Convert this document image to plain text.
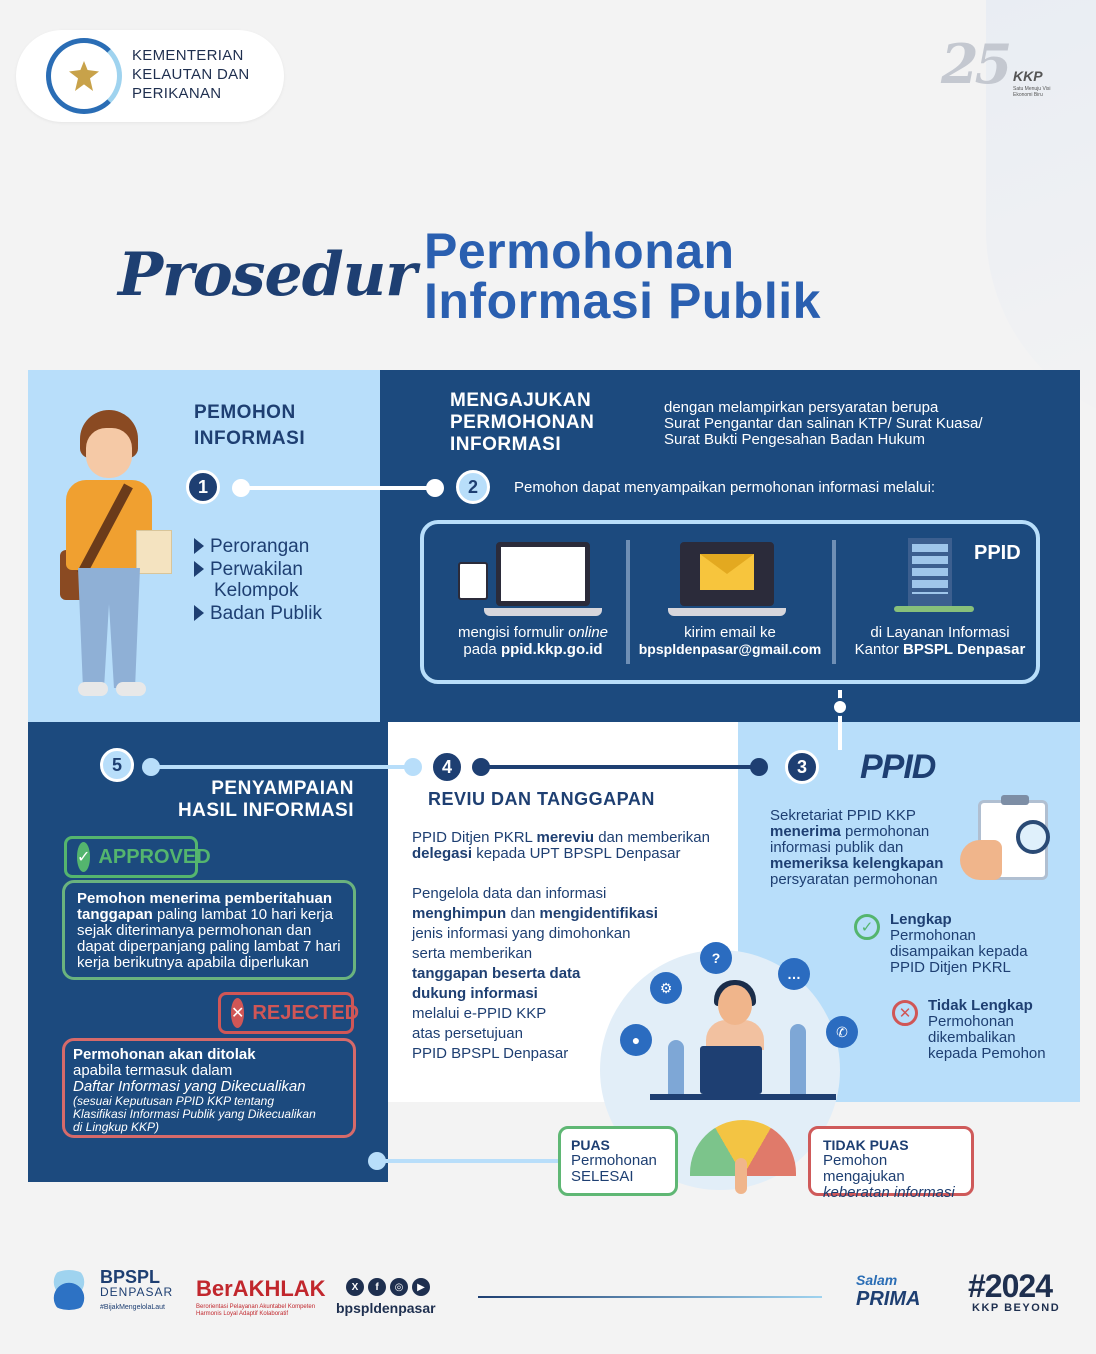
KEMENTERIAN
KELAUTAN DAN
PERIKANAN	25 KKP
Satu Menuju Visi Ekonomi Biru
Prosedur Permohonan
Informasi Publik
PEMOHON
INFORMASI
1
Perorangan
Perwakilan
Kelompok
Badan Publik
MENGAJUKAN
PERMOHONAN
INFORMASI
dengan melampirkan persyaratan berupa
Surat Pengantar dan salinan KTP/ Surat Kuasa/
Surat Bukti Pengesahan Badan Hukum
2	Pemohon dapat menyampaikan permohonan informasi melalui:
mengisi formulir online
pada ppid.kkp.go.id
kirim email ke
bpspldenpasar@gmail.com
PPID
di Layanan Informasi
Kantor BPSPL Denpasar
3	PPID
Sekretariat PPID KKP
menerima permohonan
informasi publik dan
memeriksa kelengkapan
persyaratan permohonan
✓	Lengkap
Permohonan
disampaikan kepada
PPID Ditjen PKRL
✕	Tidak Lengkap
Permohonan
dikembalikan
kepada Pemohon
4
REVIU DAN TANGGAPAN
PPID Ditjen PKRL mereviu dan memberikan
delegasi kepada UPT BPSPL Denpasar
Pengelola data dan informasi
menghimpun dan mengidentifikasi
jenis informasi yang dimohonkan
serta memberikan
tanggapan beserta data
dukung informasi
melalui e-PPID KKP
atas persetujuan
PPID BPSPL Denpasar
?
⚙
…
●
✆
5
PENYAMPAIAN
HASIL INFORMASI
✓ APPROVED
Pemohon menerima pemberitahuan
tanggapan paling lambat 10 hari kerja
sejak diterimanya permohonan dan
dapat diperpanjang paling lambat 7 hari
kerja berikutnya apabila diperlukan
✕ REJECTED
Permohonan akan ditolak
apabila termasuk dalam
Daftar Informasi yang Dikecualikan
(sesuai Keputusan PPID KKP tentang
Klasifikasi Informasi Publik yang Dikecualikan
di Lingkup KKP)
PUAS
Permohonan
SELESAI
TIDAK PUAS
Pemohon mengajukan
keberatan informasi
BPSPL
DENPASAR
#BijakMengelolaLaut
BerAKHLAK
Berorientasi Pelayanan Akuntabel Kompeten
Harmonis Loyal Adaptif Kolaboratif
X	f	◎	▶
bpspldenpasar
Salam
PRIMA #2024
KKP BEYOND
